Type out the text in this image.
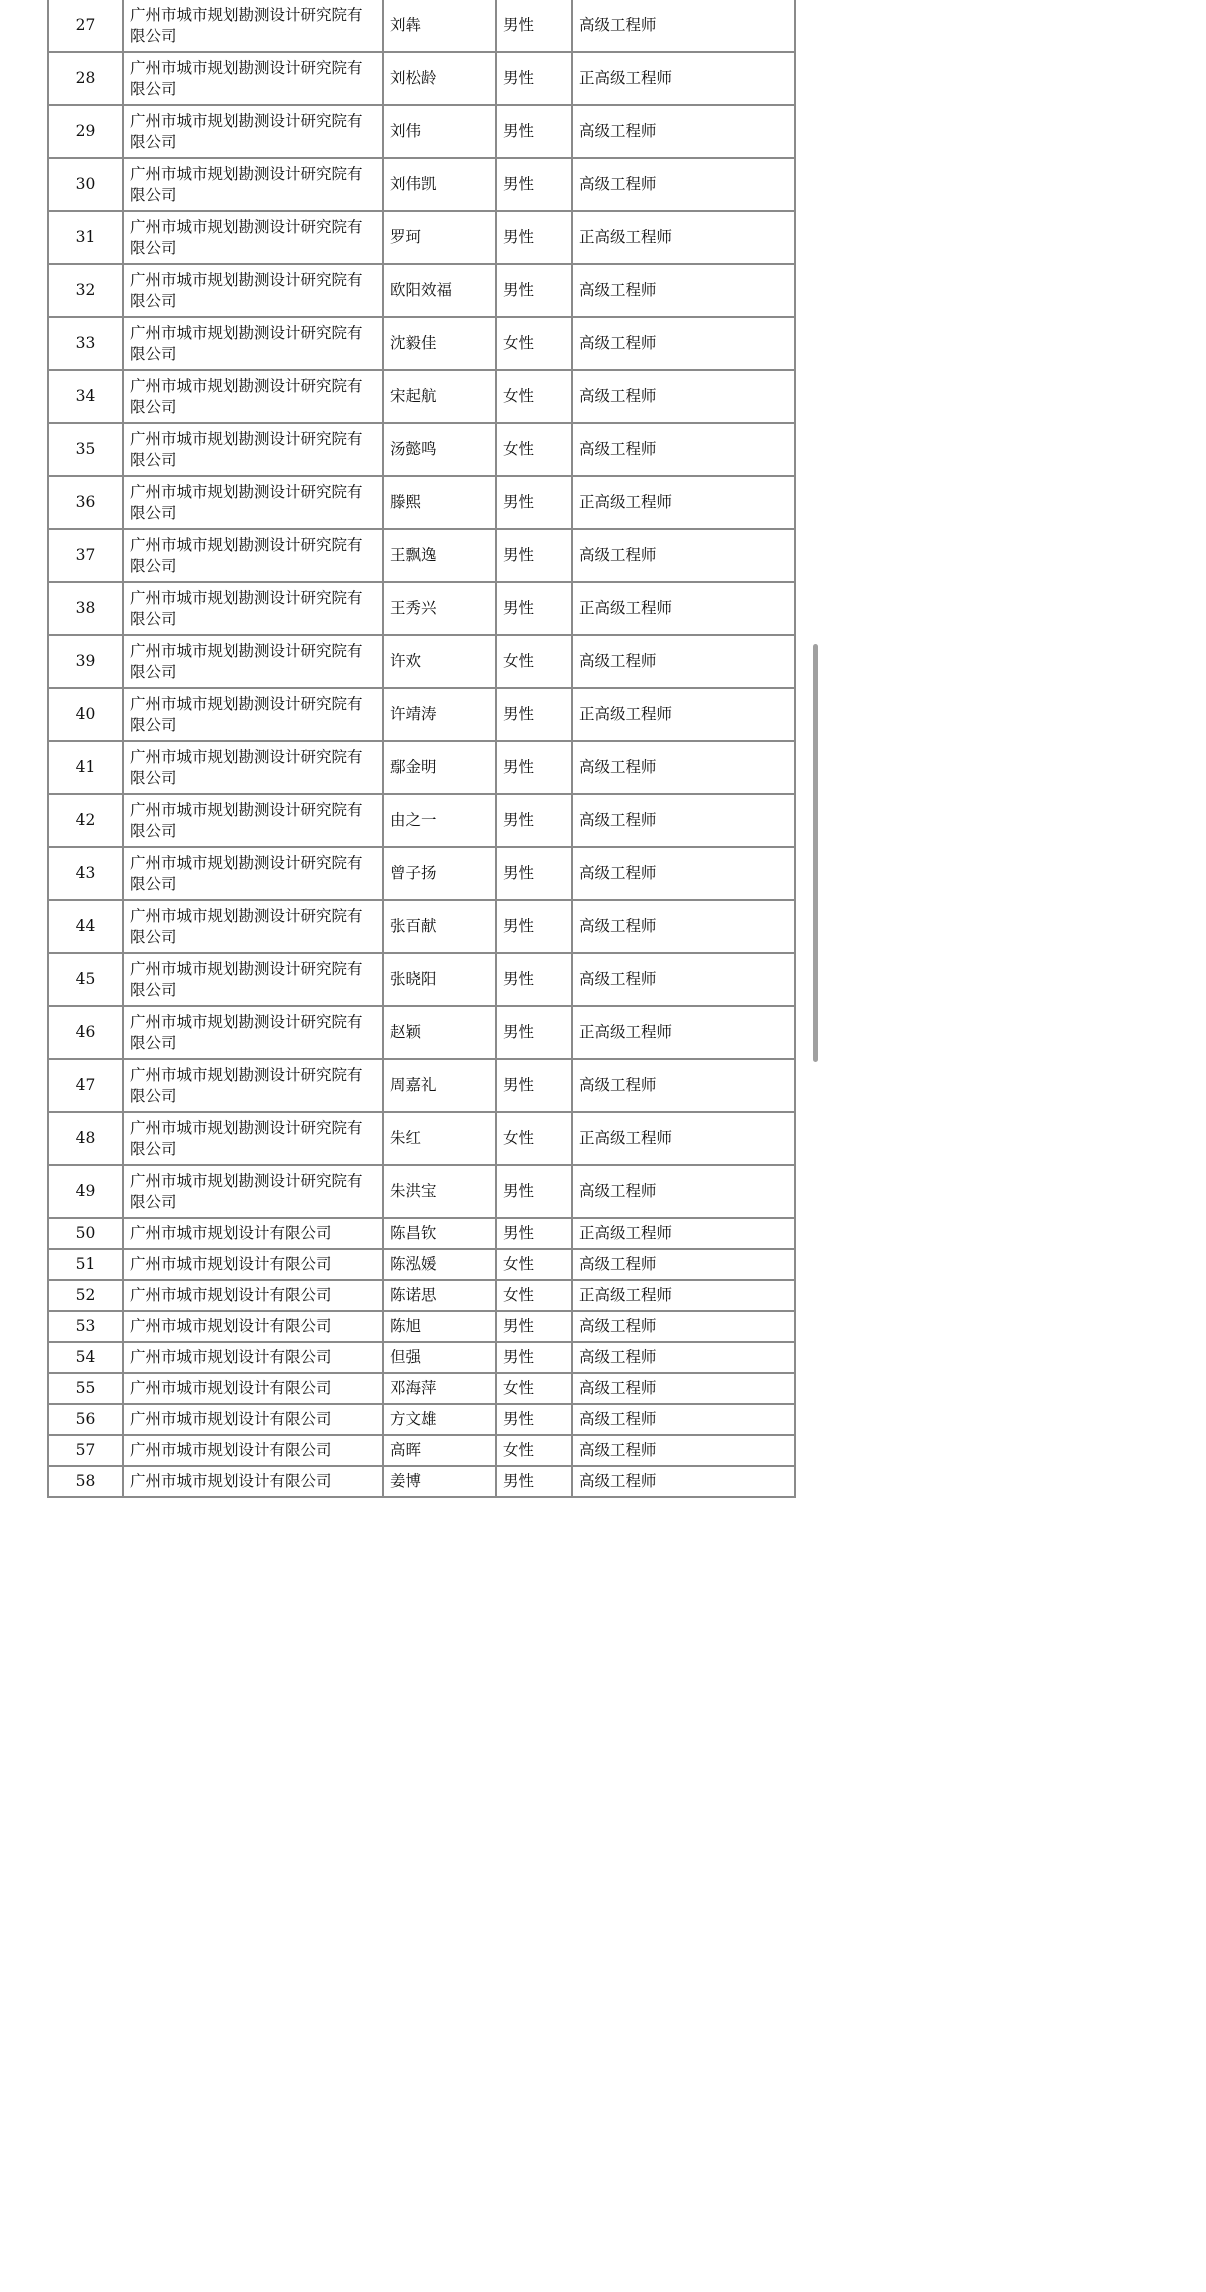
27	广州市城市规划勘测设计研究院有限公司	刘犇	男性	高级工程师
28	广州市城市规划勘测设计研究院有限公司	刘松龄	男性	正高级工程师
29	广州市城市规划勘测设计研究院有限公司	刘伟	男性	高级工程师
30	广州市城市规划勘测设计研究院有限公司	刘伟凯	男性	高级工程师
31	广州市城市规划勘测设计研究院有限公司	罗珂	男性	正高级工程师
32	广州市城市规划勘测设计研究院有限公司	欧阳效福	男性	高级工程师
33	广州市城市规划勘测设计研究院有限公司	沈毅佳	女性	高级工程师
34	广州市城市规划勘测设计研究院有限公司	宋起航	女性	高级工程师
35	广州市城市规划勘测设计研究院有限公司	汤懿鸣	女性	高级工程师
36	广州市城市规划勘测设计研究院有限公司	滕熙	男性	正高级工程师
37	广州市城市规划勘测设计研究院有限公司	王飘逸	男性	高级工程师
38	广州市城市规划勘测设计研究院有限公司	王秀兴	男性	正高级工程师
39	广州市城市规划勘测设计研究院有限公司	许欢	女性	高级工程师
40	广州市城市规划勘测设计研究院有限公司	许靖涛	男性	正高级工程师
41	广州市城市规划勘测设计研究院有限公司	鄢金明	男性	高级工程师
42	广州市城市规划勘测设计研究院有限公司	由之一	男性	高级工程师
43	广州市城市规划勘测设计研究院有限公司	曾子扬	男性	高级工程师
44	广州市城市规划勘测设计研究院有限公司	张百献	男性	高级工程师
45	广州市城市规划勘测设计研究院有限公司	张晓阳	男性	高级工程师
46	广州市城市规划勘测设计研究院有限公司	赵颖	男性	正高级工程师
47	广州市城市规划勘测设计研究院有限公司	周嘉礼	男性	高级工程师
48	广州市城市规划勘测设计研究院有限公司	朱红	女性	正高级工程师
49	广州市城市规划勘测设计研究院有限公司	朱洪宝	男性	高级工程师
50	广州市城市规划设计有限公司	陈昌钦	男性	正高级工程师
51	广州市城市规划设计有限公司	陈泓媛	女性	高级工程师
52	广州市城市规划设计有限公司	陈诺思	女性	正高级工程师
53	广州市城市规划设计有限公司	陈旭	男性	高级工程师
54	广州市城市规划设计有限公司	但强	男性	高级工程师
55	广州市城市规划设计有限公司	邓海萍	女性	高级工程师
56	广州市城市规划设计有限公司	方文雄	男性	高级工程师
57	广州市城市规划设计有限公司	高晖	女性	高级工程师
58	广州市城市规划设计有限公司	姜博	男性	高级工程师
